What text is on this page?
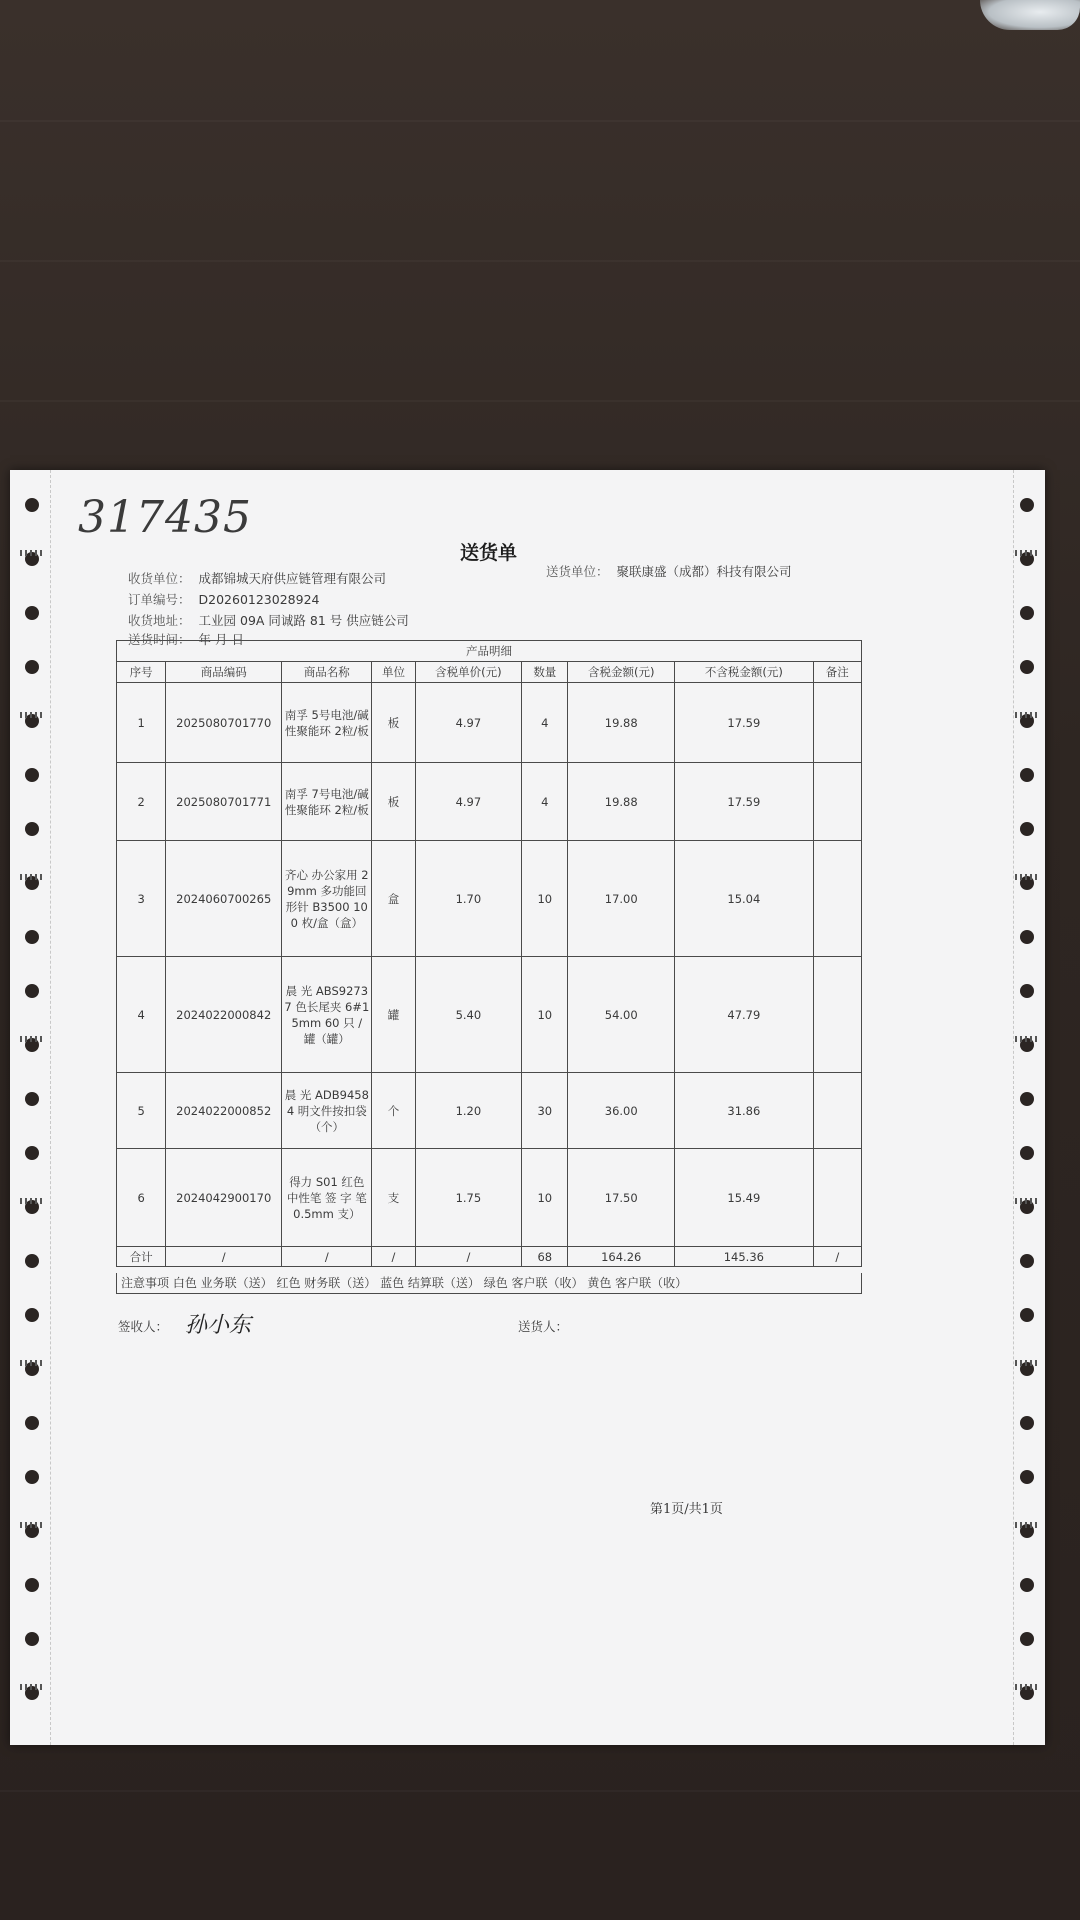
317435
送货单
收货单位： 成都锦城天府供应链管理有限公司	送货单位： 聚联康盛（成都）科技有限公司
订单编号： D20260123028924
收货地址： 工业园 09A 同诚路 81 号 供应链公司
送货时间： 年 月 日
产品明细								
序号	商品编码	商品名称	单位	含税单价(元)	数量	含税金额(元)	不含税金额(元)	备注
1	2025080701770	南孚 5号电池/碱性聚能环 2粒/板	板	4.97	4	19.88	17.59	
2	2025080701771	南孚 7号电池/碱性聚能环 2粒/板	板	4.97	4	19.88	17.59	
3	2024060700265	齐心 办公家用 29mm 多功能回形针 B3500 100 枚/盒（盒）	盒	1.70	10	17.00	15.04	
4	2024022000842	晨 光 ABS92737 色长尾夹 6#15mm 60 只 / 罐（罐）	罐	5.40	10	54.00	47.79	
5	2024022000852	晨 光 ADB94584 明文件按扣袋（个）	个	1.20	30	36.00	31.86	
6	2024042900170	得力 S01 红色中性笔 签 字 笔 0.5mm 支）	支	1.75	10	17.50	15.49	
合计	/	/	/	/	68	164.26	145.36	/
注意事项 白色 业务联（送） 红色 财务联（送） 蓝色 结算联（送） 绿色 客户联（收） 黄色 客户联（收）
签收人： 孙小东	送货人：
第1页/共1页
